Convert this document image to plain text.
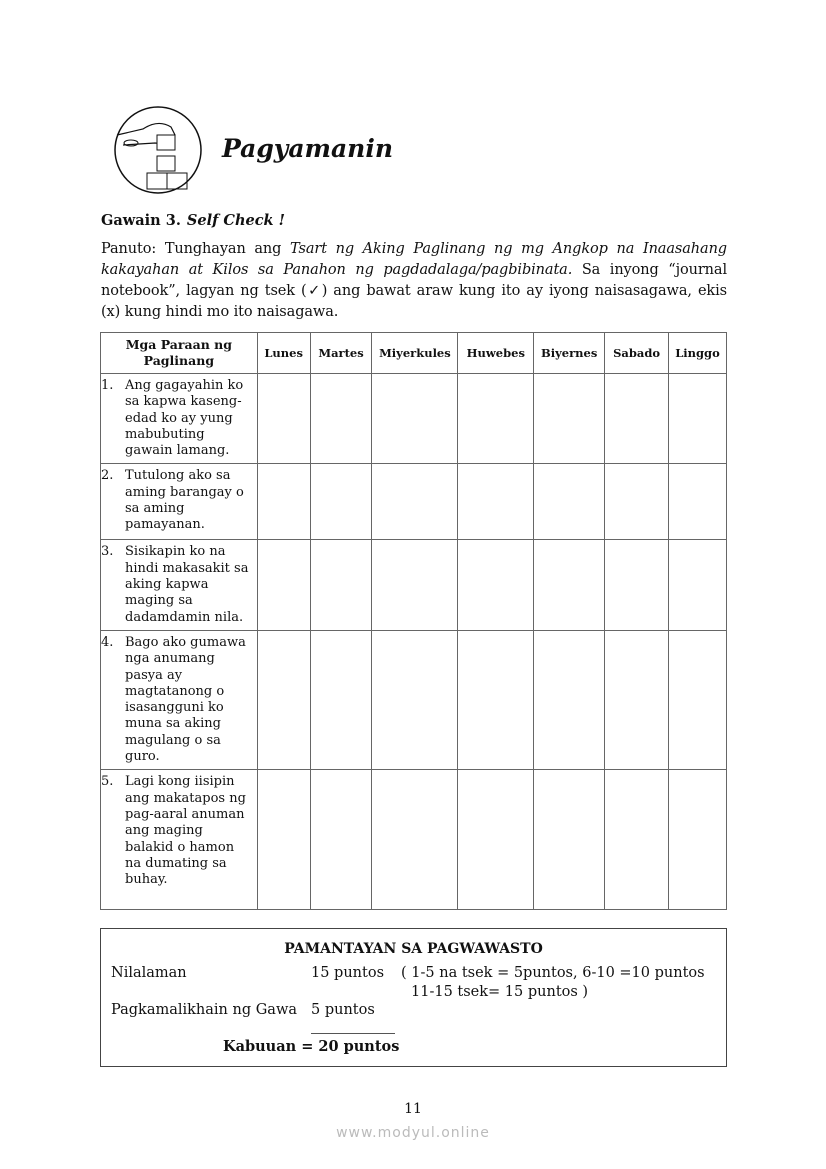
Pagyamanin
Gawain 3. Self Check !
Panuto: Tunghayan ang Tsart ng Aking Paglinang ng mg Angkop na Inaasahang kakayahan at Kilos sa Panahon ng pagdadalaga/pagbibinata. Sa inyong “journal notebook”, lagyan ng tsek (✓) ang bawat araw kung ito ay iyong naisasagawa, ekis (x) kung hindi mo ito naisagawa.
Mga Paraan ng Paglinang	Lunes	Martes	Miyerkules	Huwebes	Biyernes	Sabado	Linggo

1. Ang gagayahin ko sa kapwa kaseng-edad ko ay yung mabubuting gawain lamang.							

2. Tutulong ako sa aming barangay o sa aming pamayanan.							

3. Sisikapin ko na hindi makasakit sa aking kapwa maging sa dadamdamin nila.							

4. Bago ako gumawa nga anumang pasya ay magtatanong o isasangguni ko muna sa aking magulang o sa guro.							

5. Lagi kong iisipin ang makatapos ng pag-aaral anuman ang maging balakid o hamon na dumating sa buhay.							

PAMANTAYAN SA PAGWAWASTO
Nilalaman	15 puntos ( 1-5 na tsek = 5puntos, 6-10 =10 puntos
11-15 tsek= 15 puntos )
Pagkamalikhain ng Gawa 5 puntos
Kabuuan = 20 puntos
11
www.modyul.online
